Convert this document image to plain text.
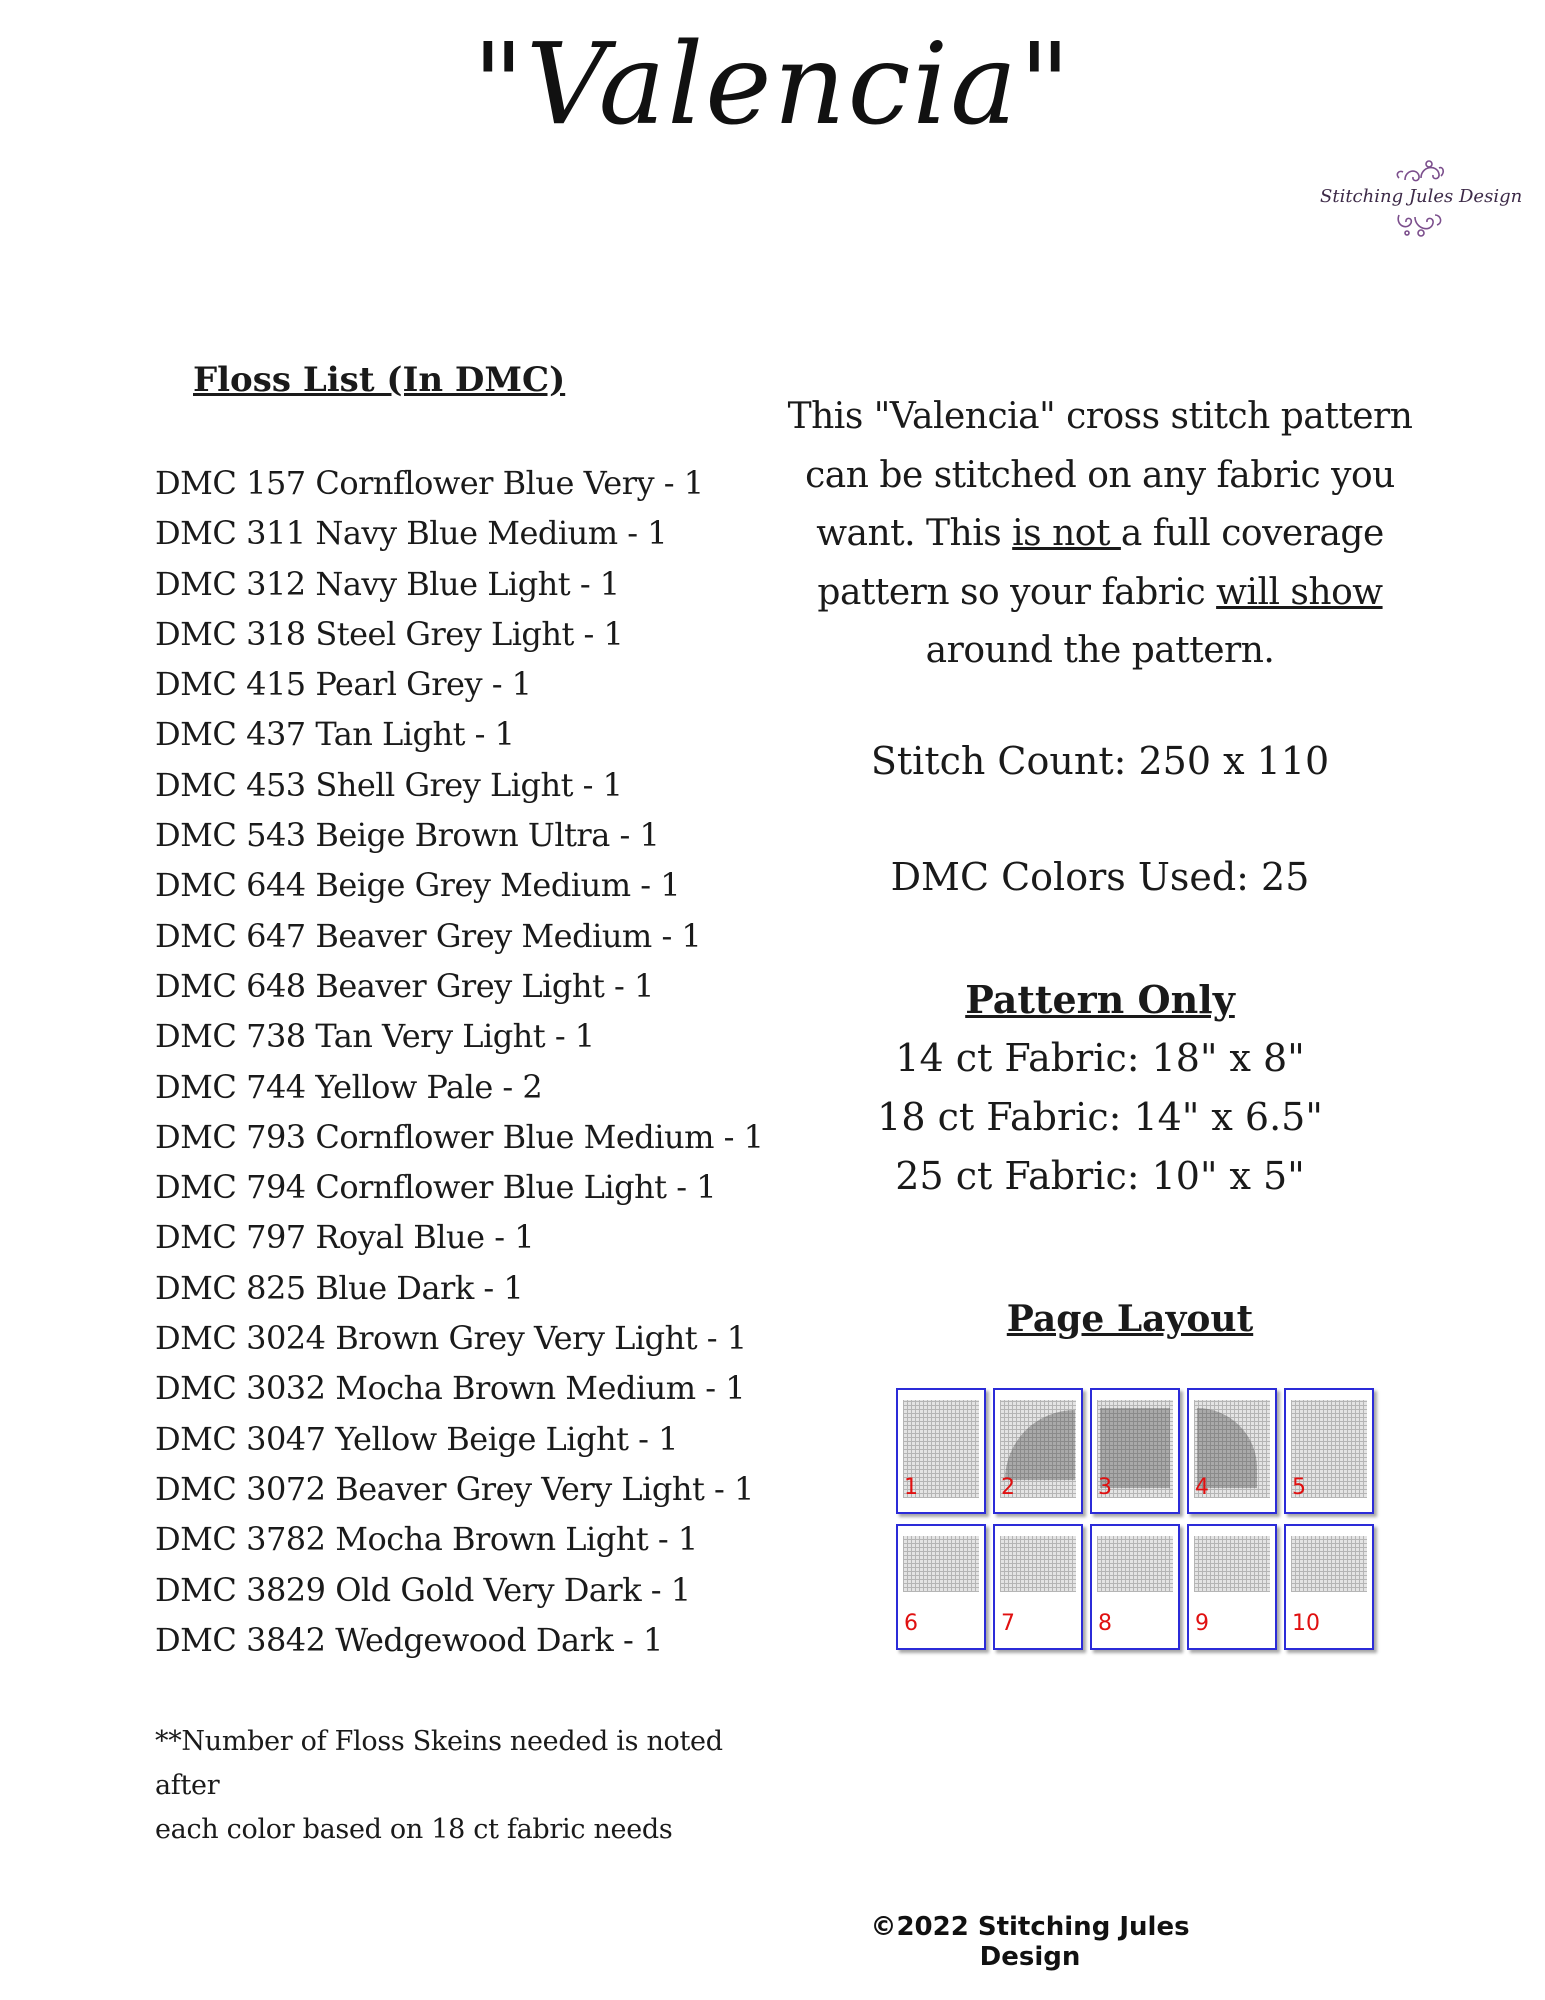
"Valencia"

Stitching Jules Design

Floss List (In DMC)
DMC 157 Cornflower Blue Very - 1
DMC 311 Navy Blue Medium - 1
DMC 312 Navy Blue Light - 1
DMC 318 Steel Grey Light - 1
DMC 415 Pearl Grey - 1
DMC 437 Tan Light - 1
DMC 453 Shell Grey Light - 1
DMC 543 Beige Brown Ultra - 1
DMC 644 Beige Grey Medium - 1
DMC 647 Beaver Grey Medium - 1
DMC 648 Beaver Grey Light - 1
DMC 738 Tan Very Light - 1
DMC 744 Yellow Pale - 2
DMC 793 Cornflower Blue Medium - 1
DMC 794 Cornflower Blue Light - 1
DMC 797 Royal Blue - 1
DMC 825 Blue Dark - 1
DMC 3024 Brown Grey Very Light - 1
DMC 3032 Mocha Brown Medium - 1
DMC 3047 Yellow Beige Light - 1
DMC 3072 Beaver Grey Very Light - 1
DMC 3782 Mocha Brown Light - 1
DMC 3829 Old Gold Very Dark - 1
DMC 3842 Wedgewood Dark - 1
**Number of Floss Skeins needed is noted after
each color based on 18 ct fabric needs

This "Valencia" cross stitch pattern

can be stitched on any fabric you

want. This is not a full coverage

pattern so your fabric will show

around the pattern.

Stitch Count: 250 x 110
DMC Colors Used: 25

Pattern Only

14 ct Fabric: 18" x 8"

18 ct Fabric: 14" x 6.5"

25 ct Fabric: 10" x 5"

Page Layout
1	2	3	4	5
6	7	8	9	10
©2022 Stitching Jules Design
